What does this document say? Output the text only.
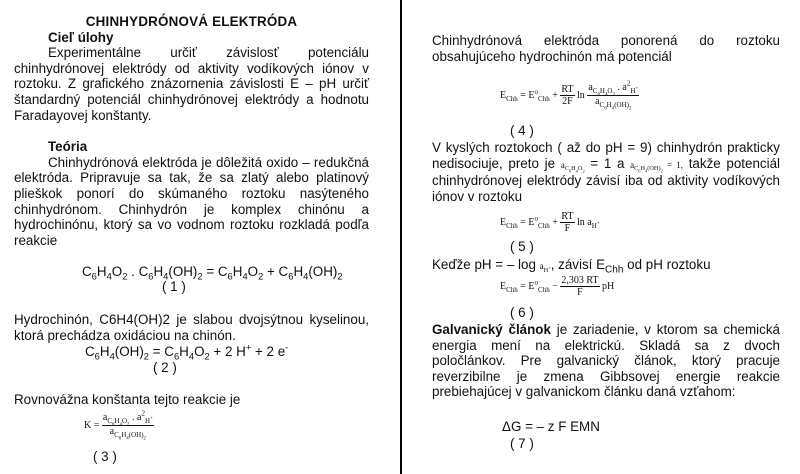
CHINHYDRÓNOVÁ ELEKTRÓDA
Cieľ úlohy
Experimentálne určiť závislosť potenciálu chinhydrónovej elektródy od aktivity vodíkových iónov v roztoku. Z grafického znázornenia závislosti E – pH určiť štandardný potenciál chinhydrónovej elektródy a hodnotu Faradayovej konštanty.
Teória
Chinhydrónová elektróda je dôležitá oxido – redukčná elektróda. Pripravuje sa tak, že sa zlatý alebo platinový plieškok ponorí do skúmaného roztoku nasýteného chinhydrónom. Chinhydrón je komplex chinónu a hydrochinónu, ktorý sa vo vodnom roztoku rozkladá podľa reakcie
$C_6H_4O_2$ . $C_6H_4(OH)_2 = C_6H_4O_2 + C_6H_4(OH)_2$
( 1 )
Hydrochinón, C6H4(OH)2 je slabou dvojsýtnou kyselinou, ktorá prechádza oxidáciou na chinón.
$C_6H_4(OH)_2 = C_6H_4O_2 + 2$ H+ + 2 e-
( 2 )
Rovnovážna konštanta tejto reakcie je
$K = \frac{a_{C_6H_4O_2} . a^2_{H^+}}{a_{C_6H_4(OH)_2}}$
( 3 )
Chinhydrónová elektróda ponorená do roztoku obsahujúceho hydrochinón má potenciál
$E_{Chh} = E^o_{Chh} + \frac{RT}{2F}$ $\ln \frac{a_{C_6H_4O_2} . a^2_{H^+}}{a_{C_6H_4(OH)_2}}$
( 4 )
V kyslých roztokoch ( až do pH = 9) chinhydrón prakticky nedisociuje, preto je $a_{C_6H_4O_2} = 1$ a $a_{C_6H_4(OH)_2} = 1$, takže potenciál chinhydrónovej elektródy závisí iba od aktivity vodíkových iónov v roztoku
$E_{Chh} = E^o_{Chh} + \frac{RT}{F}$ $\ln a_{H^+}$
( 5 )
Keďže pH = – $\log a_{H^+}$, závisí $E_{Chh}$ od pH roztoku
$E_{Chh} = E^o_{Chh} - \frac{2,303 RT}{F}$ pH
( 6 )
Galvanický článok je zariadenie, v ktorom sa chemická energia mení na elektrickú. Skladá sa z dvoch poločlánkov. Pre galvanický článok, ktorý pracuje reverzibilne je zmena Gibbsovej energie reakcie prebiehajúcej v galvanickom článku daná vzťahom:
ΔG = – z F EMN
( 7 )
